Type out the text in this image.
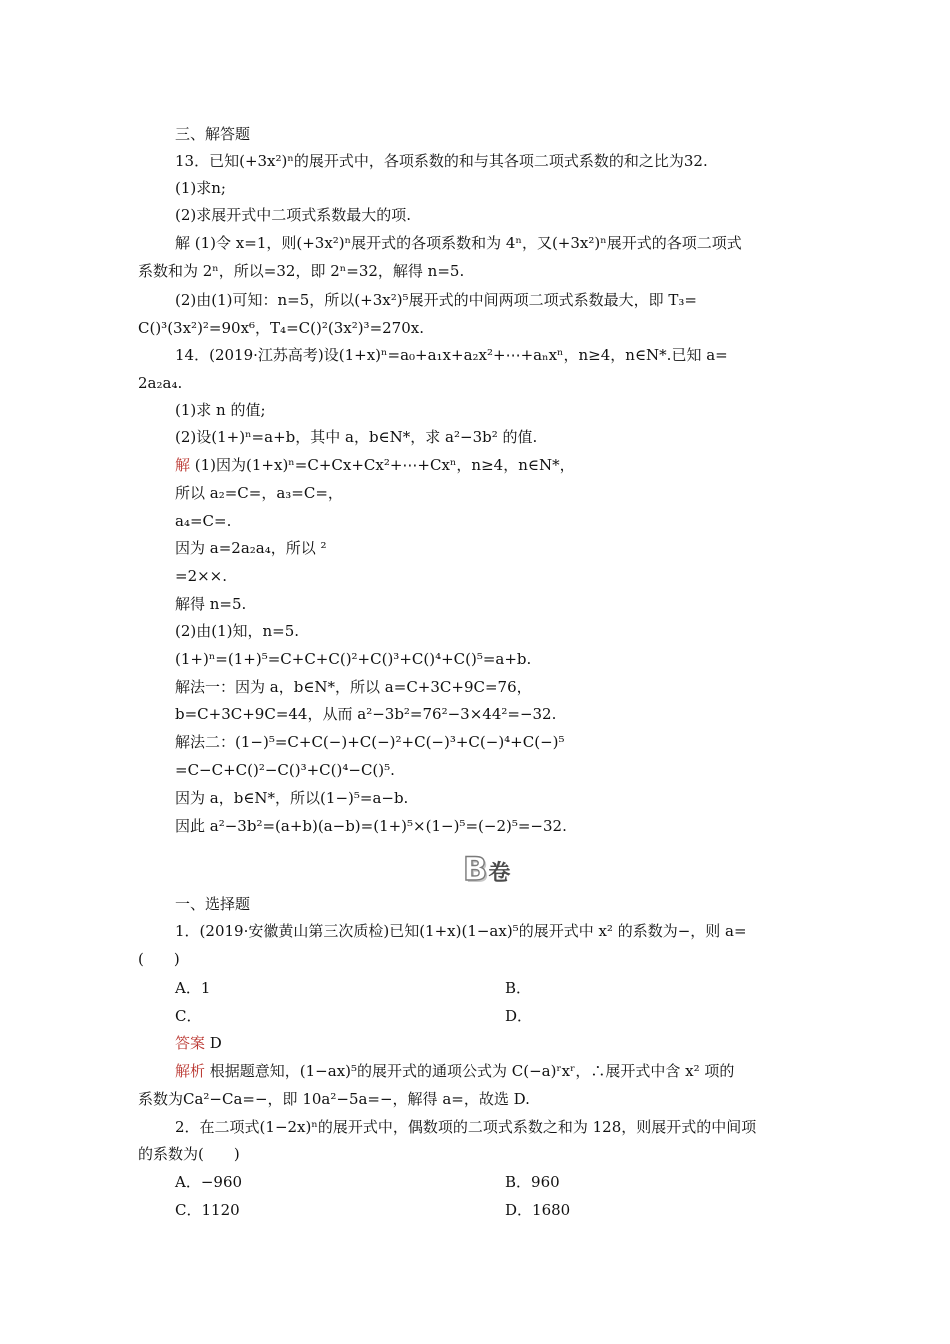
三、解答题
13．已知(+3x²)ⁿ的展开式中，各项系数的和与其各项二项式系数的和之比为32.
(1)求n;
(2)求展开式中二项式系数最大的项.
解 (1)令 x=1，则(+3x²)ⁿ展开式的各项系数和为 4ⁿ，又(+3x²)ⁿ展开式的各项二项式
系数和为 2ⁿ，所以=32，即 2ⁿ=32，解得 n=5.
(2)由(1)可知：n=5，所以(+3x²)⁵展开式的中间两项二项式系数最大，即 T₃=
C()³(3x²)²=90x⁶，T₄=C()²(3x²)³=270x.
14．(2019·江苏高考)设(1+x)ⁿ=a₀+a₁x+a₂x²+⋯+aₙxⁿ，n≥4，n∈N*.已知 a=
2a₂a₄.
(1)求 n 的值;
(2)设(1+)ⁿ=a+b，其中 a，b∈N*，求 a²−3b² 的值.
解 (1)因为(1+x)ⁿ=C+Cx+Cx²+⋯+Cxⁿ，n≥4，n∈N*，
所以 a₂=C=，a₃=C=，
a₄=C=.
因为 a=2a₂a₄，所以 ²
=2××.
解得 n=5.
(2)由(1)知，n=5.
(1+)ⁿ=(1+)⁵=C+C+C()²+C()³+C()⁴+C()⁵=a+b.
解法一：因为 a，b∈N*，所以 a=C+3C+9C=76，
b=C+3C+9C=44，从而 a²−3b²=76²−3×44²=−32.
解法二：(1−)⁵=C+C(−)+C(−)²+C(−)³+C(−)⁴+C(−)⁵
=C−C+C()²−C()³+C()⁴−C()⁵.
因为 a，b∈N*，所以(1−)⁵=a−b.
因此 a²−3b²=(a+b)(a−b)=(1+)⁵×(1−)⁵=(−2)⁵=−32.
B卷
一、选择题
1．(2019·安徽黄山第三次质检)已知(1+x)(1−ax)⁵的展开式中 x² 的系数为−，则 a=
(　　)
A．1	B．
C．	D．
答案 D
解析 根据题意知，(1−ax)⁵的展开式的通项公式为 C(−a)ʳxʳ，∴展开式中含 x² 项的
系数为Ca²−Ca=−，即 10a²−5a=−，解得 a=，故选 D.
2．在二项式(1−2x)ⁿ的展开式中，偶数项的二项式系数之和为 128，则展开式的中间项
的系数为(　　)
A．−960	B．960
C．1120	D．1680
